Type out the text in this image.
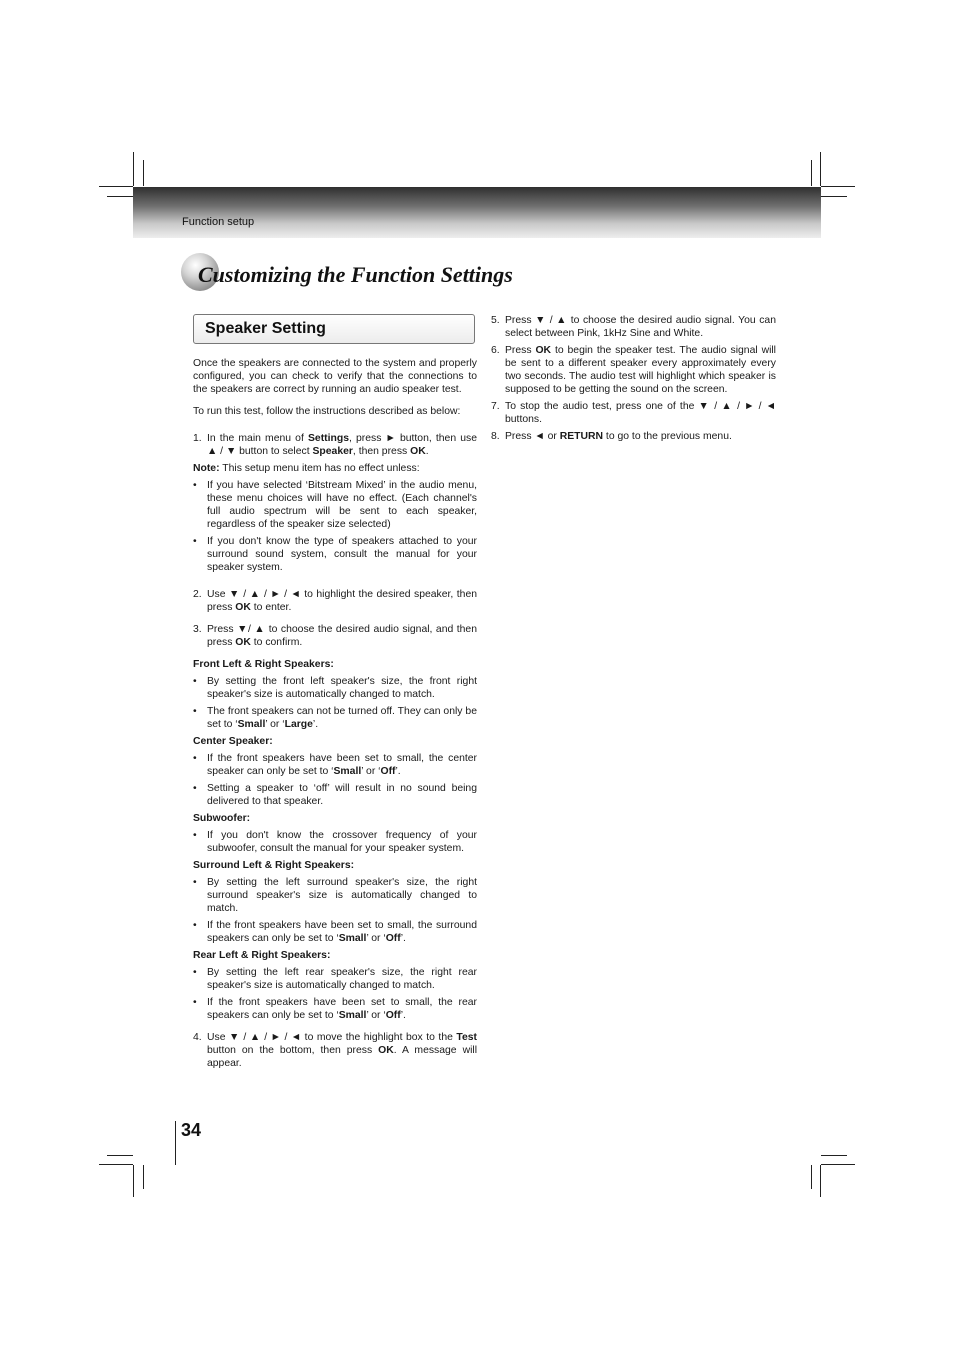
Function setup
Customizing the Function Settings
Speaker Setting

Once the speakers are connected to the system and properly configured, you can check to verify that the connections to the speakers are correct by running an audio speaker test.

To run this test, follow the instructions described as below:

1. In the main menu of Settings, press ► button, then use ▲ / ▼ button to select Speaker, then press OK.

Note: This setup menu item has no effect unless:

• If you have selected ‘Bitstream Mixed’ in the audio menu, these menu choices will have no effect. (Each channel's full audio spectrum will be sent to each speaker, regardless of the speaker size selected)
• If you don't know the type of speakers attached to your surround sound system, consult the manual for your speaker system.
2. Use ▼ / ▲ / ► / ◄ to highlight the desired speaker, then press OK to enter.
3. Press ▼/ ▲ to choose the desired audio signal, and then press OK to confirm.

Front Left & Right Speakers:

• By setting the front left speaker's size, the front right speaker's size is automatically changed to match.
• The front speakers can not be turned off. They can only be set to ‘Small’ or ‘Large’.

Center Speaker:

• If the front speakers have been set to small, the center speaker can only be set to ‘Small’ or ‘Off’.
• Setting a speaker to ‘off’ will result in no sound being delivered to that speaker.

Subwoofer:

• If you don't know the crossover frequency of your subwoofer, consult the manual for your speaker system.

Surround Left & Right Speakers:

• By setting the left surround speaker's size, the right surround speaker's size is automatically changed to match.
• If the front speakers have been set to small, the surround speakers can only be set to ‘Small’ or ‘Off’.

Rear Left & Right Speakers:

• By setting the left rear speaker's size, the right rear speaker's size is automatically changed to match.
• If the front speakers have been set to small, the rear speakers can only be set to ‘Small’ or ‘Off’.
4. Use ▼ / ▲ / ► / ◄ to move the highlight box to the Test button on the bottom, then press OK. A message will appear.
5. Press ▼ / ▲ to choose the desired audio signal. You can select between Pink, 1kHz Sine and White.
6. Press OK to begin the speaker test. The audio signal will be sent to a different speaker every approximately every two seconds. The audio test will highlight which speaker is supposed to be getting the sound on the screen.
7. To stop the audio test, press one of the ▼ / ▲ / ► / ◄ buttons.
8. Press ◄ or RETURN to go to the previous menu.
34
